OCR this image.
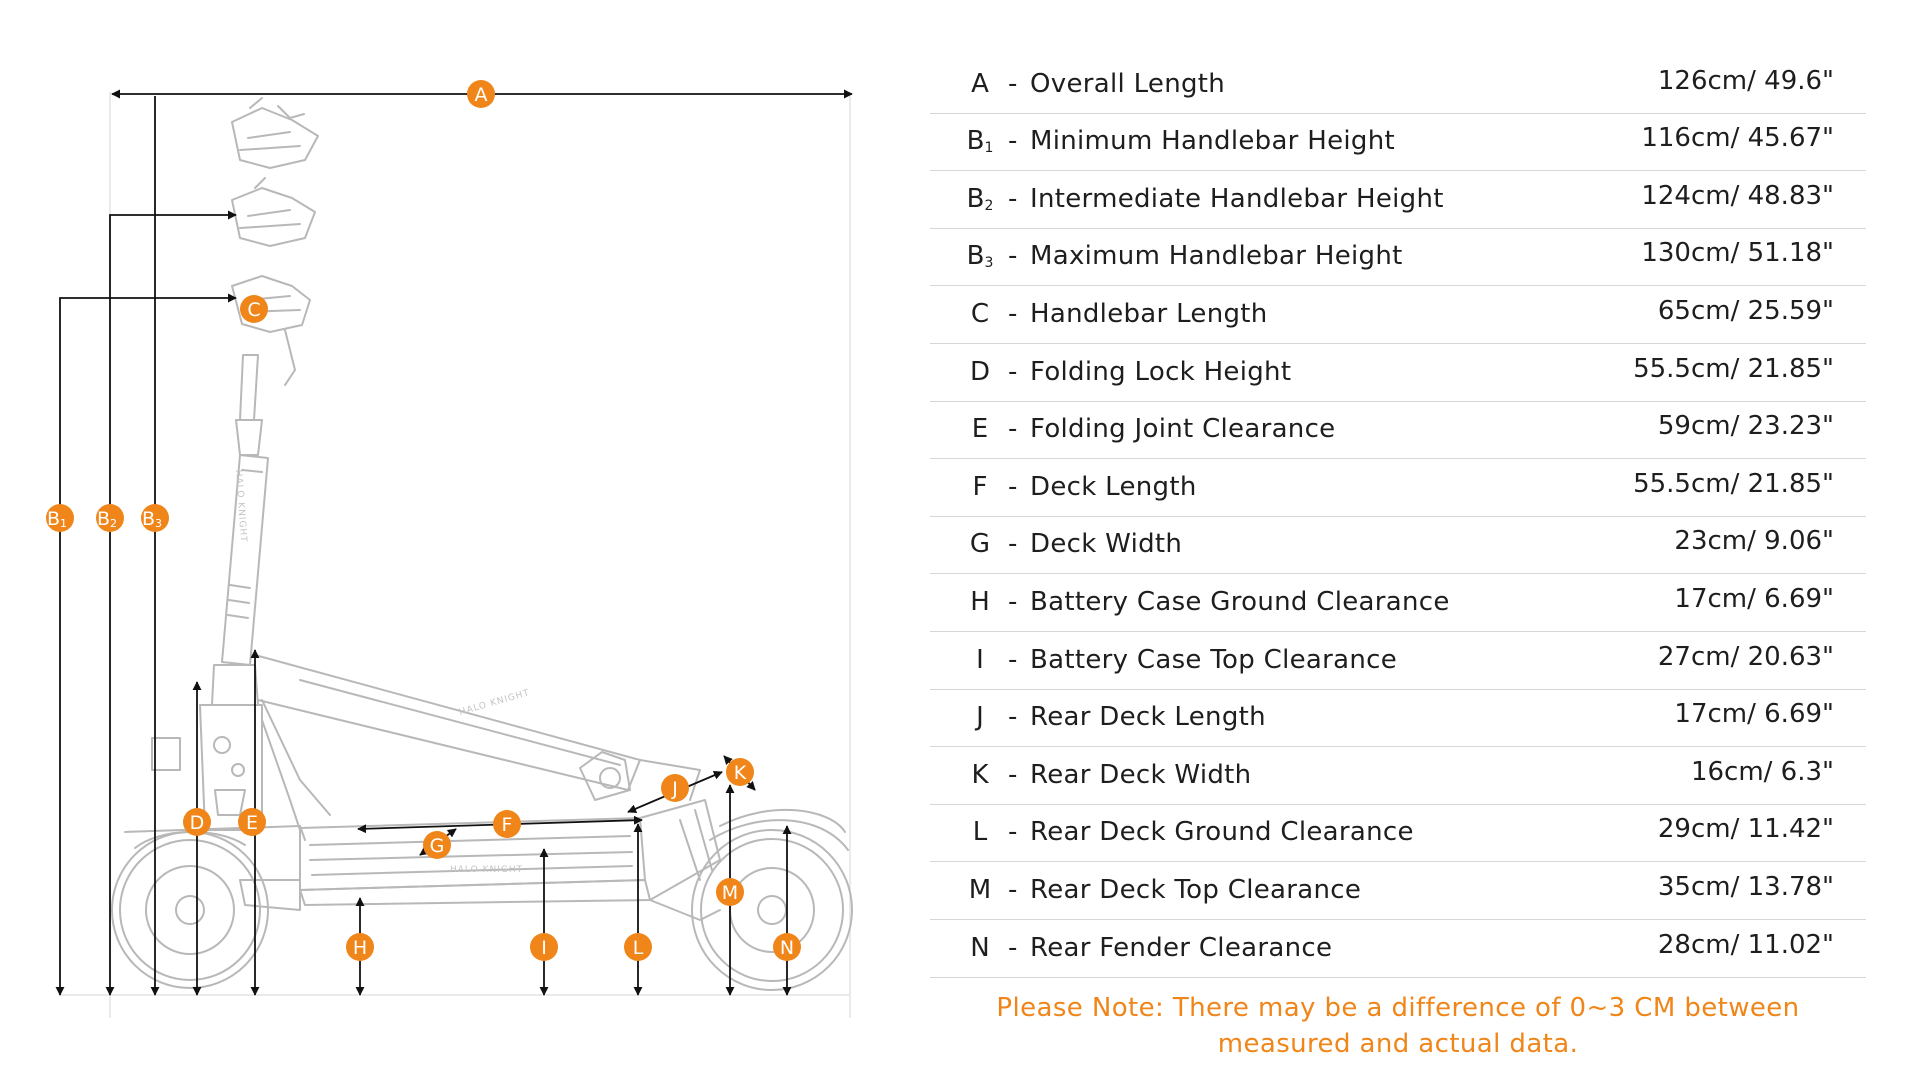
HALO KNIGHT
HALO KNIGHT
HALO KNIGHT
A
B1 B2 B3
C
D E	F
G
H	I
J
K
L
M
N
A - Overall Length	126cm/ 49.6"
$B_1$ - Minimum Handlebar Height	116cm/ 45.67"
$B_2$ - Intermediate Handlebar Height	124cm/ 48.83"
$B_3$ - Maximum Handlebar Height	130cm/ 51.18"
C - Handlebar Length	65cm/ 25.59"
D - Folding Lock Height	55.5cm/ 21.85"
E - Folding Joint Clearance	59cm/ 23.23"
F - Deck Length	55.5cm/ 21.85"
G - Deck Width	23cm/ 9.06"
H - Battery Case Ground Clearance	17cm/ 6.69"
I - Battery Case Top Clearance	27cm/ 20.63"
J - Rear Deck Length	17cm/ 6.69"
K - Rear Deck Width	16cm/ 6.3"
L - Rear Deck Ground Clearance	29cm/ 11.42"
M - Rear Deck Top Clearance	35cm/ 13.78"
N - Rear Fender Clearance	28cm/ 11.02"
Please Note: There may be a difference of 0~3 CM between
measured and actual data.
